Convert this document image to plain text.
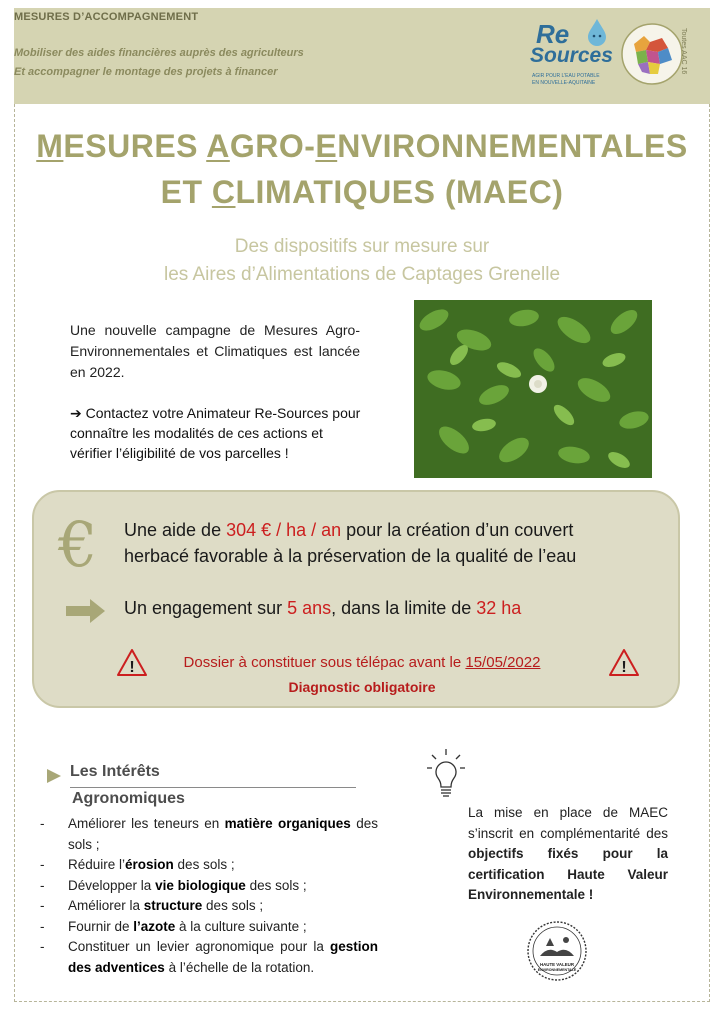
MESURES D’ACCOMPAGNEMENT
Mobiliser des aides financières auprès des agriculteurs
Et accompagner le montage des projets à financer
Re
Sources
AGIR POUR L'EAU POTABLE
EN NOUVELLE-AQUITAINE
Toutes AAC 16
MESURES AGRO-ENVIRONNEMENTALES
ET CLIMATIQUES (MAEC)
Des dispositifs sur mesure sur
les Aires d’Alimentations de Captages Grenelle
Une nouvelle campagne de Mesures Agro-Environnementales et Climatiques est lancée en 2022.
➔ Contactez votre Animateur Re-Sources pour connaître les modalités de ces actions et vérifier l’éligibilité de vos parcelles !
€ Une aide de 304 € / ha / an pour la création d’un couvert
herbacé favorable à la préservation de la qualité de l’eau
Un engagement sur 5 ans, dans la limite de 32 ha
!	!
Dossier à constituer sous télépac avant le 15/05/2022
Diagnostic obligatoire
Les Intérêts
Agronomiques
- Améliorer les teneurs en matière organiques des sols ;
- Réduire l’érosion des sols ;
- Développer la vie biologique des sols ;
- Améliorer la structure des sols ;
- Fournir de l’azote à la culture suivante ;
- Constituer un levier agronomique pour la gestion des adventices à l’échelle de la rotation.
La mise en place de MAEC s’inscrit en complémentarité des objectifs fixés pour la certification Haute Valeur Environnementale !
HAUTE VALEUR
ENVIRONNEMENTALE
